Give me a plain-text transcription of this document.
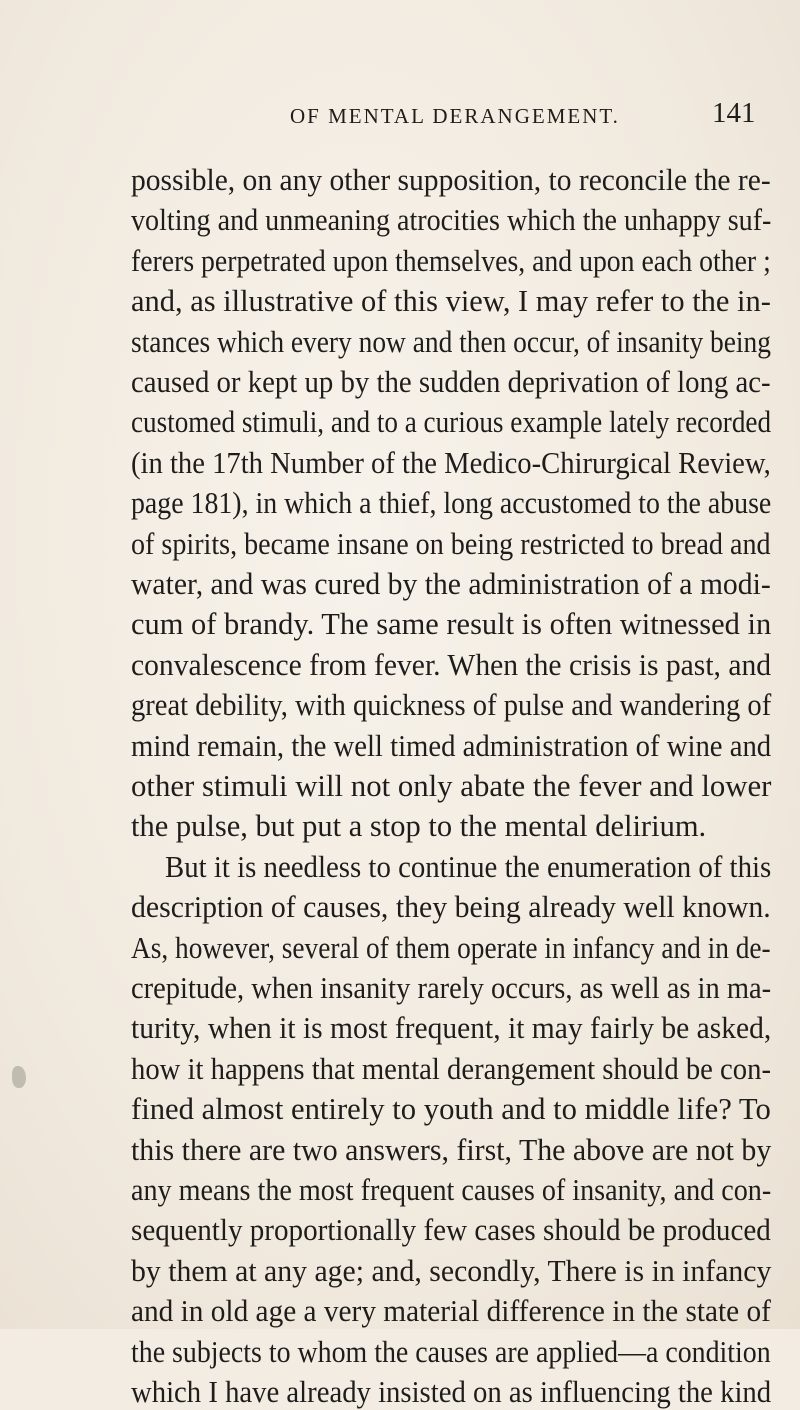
OF MENTAL DERANGEMENT.	141
possible, on any other supposition, to reconcile the re-
volting and unmeaning atrocities which the unhappy suf-
ferers perpetrated upon themselves, and upon each other ;
and, as illustrative of this view, I may refer to the in-
stances which every now and then occur, of insanity being
caused or kept up by the sudden deprivation of long ac-
customed stimuli, and to a curious example lately recorded
(in the 17th Number of the Medico-Chirurgical Review,
page 181), in which a thief, long accustomed to the abuse
of spirits, became insane on being restricted to bread and
water, and was cured by the administration of a modi-
cum of brandy. The same result is often witnessed in
convalescence from fever. When the crisis is past, and
great debility, with quickness of pulse and wandering of
mind remain, the well timed administration of wine and
other stimuli will not only abate the fever and lower
the pulse, but put a stop to the mental delirium.
But it is needless to continue the enumeration of this
description of causes, they being already well known.
As, however, several of them operate in infancy and in de-
crepitude, when insanity rarely occurs, as well as in ma-
turity, when it is most frequent, it may fairly be asked,
how it happens that mental derangement should be con-
fined almost entirely to youth and to middle life? To
this there are two answers, first, The above are not by
any means the most frequent causes of insanity, and con-
sequently proportionally few cases should be produced
by them at any age; and, secondly, There is in infancy
and in old age a very material difference in the state of
the subjects to whom the causes are applied—a condition
which I have already insisted on as influencing the kind
